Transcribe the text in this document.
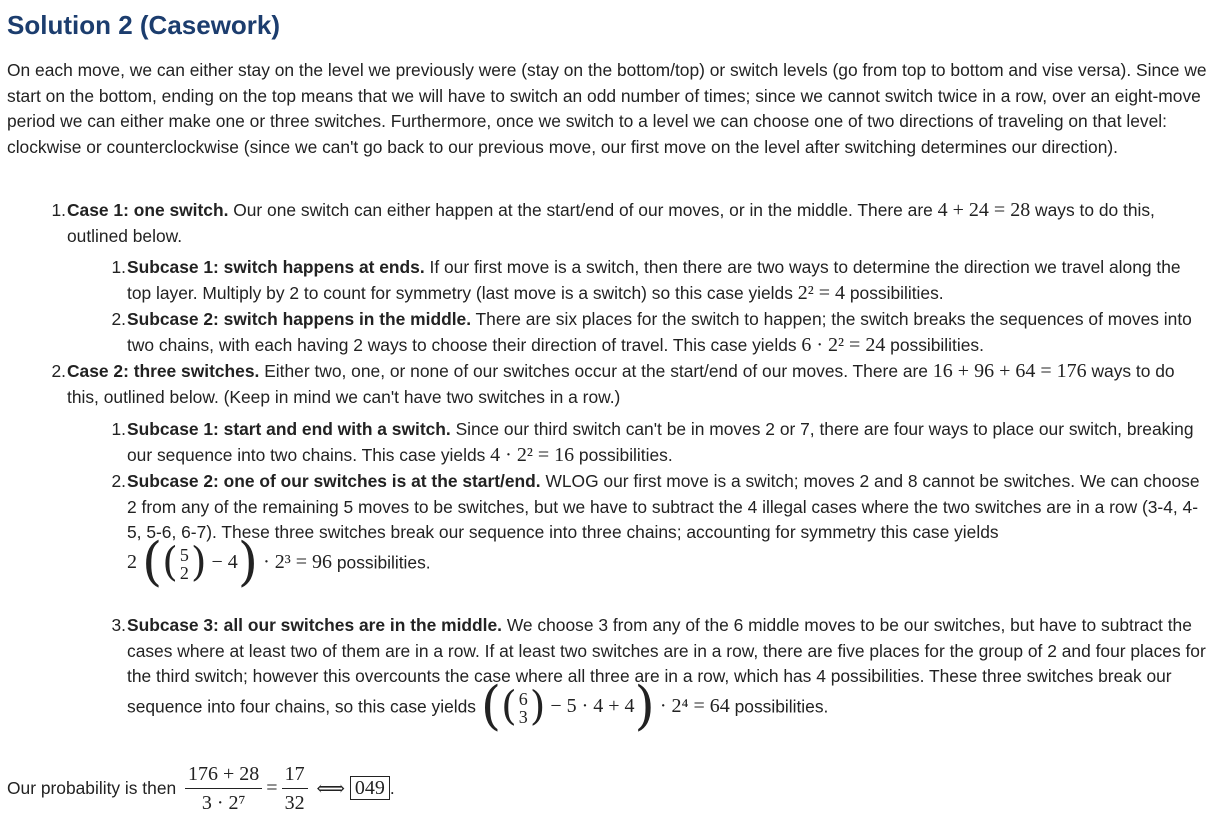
Solution 2 (Casework)

On each move, we can either stay on the level we previously were (stay on the bottom/top) or switch levels (go from top to bottom and vise versa). Since we start on the bottom, ending on the top means that we will have to switch an odd number of times; since we cannot switch twice in a row, over an eight-move period we can either make one or three switches. Furthermore, once we switch to a level we can choose one of two directions of traveling on that level: clockwise or counterclockwise (since we can't go back to our previous move, our first move on the level after switching determines our direction).

1. Case 1: one switch. Our one switch can either happen at the start/end of our moves, or in the middle. There are 4 + 24 = 28 ways to do this, outlined below.
1. Subcase 1: switch happens at ends. If our first move is a switch, then there are two ways to determine the direction we travel along the top layer. Multiply by 2 to count for symmetry (last move is a switch) so this case yields 2² = 4 possibilities.
2. Subcase 2: switch happens in the middle. There are six places for the switch to happen; the switch breaks the sequences of moves into two chains, with each having 2 ways to choose their direction of travel. This case yields 6 · 2² = 24 possibilities.
2. Case 2: three switches. Either two, one, or none of our switches occur at the start/end of our moves. There are 16 + 96 + 64 = 176 ways to do this, outlined below. (Keep in mind we can't have two switches in a row.)
1. Subcase 1: start and end with a switch. Since our third switch can't be in moves 2 or 7, there are four ways to place our switch, breaking our sequence into two chains. This case yields 4 · 2² = 16 possibilities.
2. Subcase 2: one of our switches is at the start/end. WLOG our first move is a switch; moves 2 and 8 cannot be switches. We can choose 2 from any of the remaining 5 moves to be switches, but we have to subtract the 4 illegal cases where the two switches are in a row (3-4, 4-5, 5-6, 6-7). These three switches break our sequence into three chains; accounting for symmetry this case yields 2 (( 5
2 ) − 4) · 2³ = 96 possibilities.
3. Subcase 3: all our switches are in the middle. We choose 3 from any of the 6 middle moves to be our switches, but have to subtract the cases where at least two of them are in a row. If at least two switches are in a row, there are five places for the group of 2 and four places for the third switch; however this overcounts the case where all three are in a row, which has 4 possibilities. These three switches break our sequence into four chains, so this case yields (( 6
3 ) − 5 · 4 + 4) · 2⁴ = 64 possibilities.
Our probability is then $\frac{176 + 28}{\text{3 · 2⁷}} = \frac{17}{32}$ ⟺ 049 .
